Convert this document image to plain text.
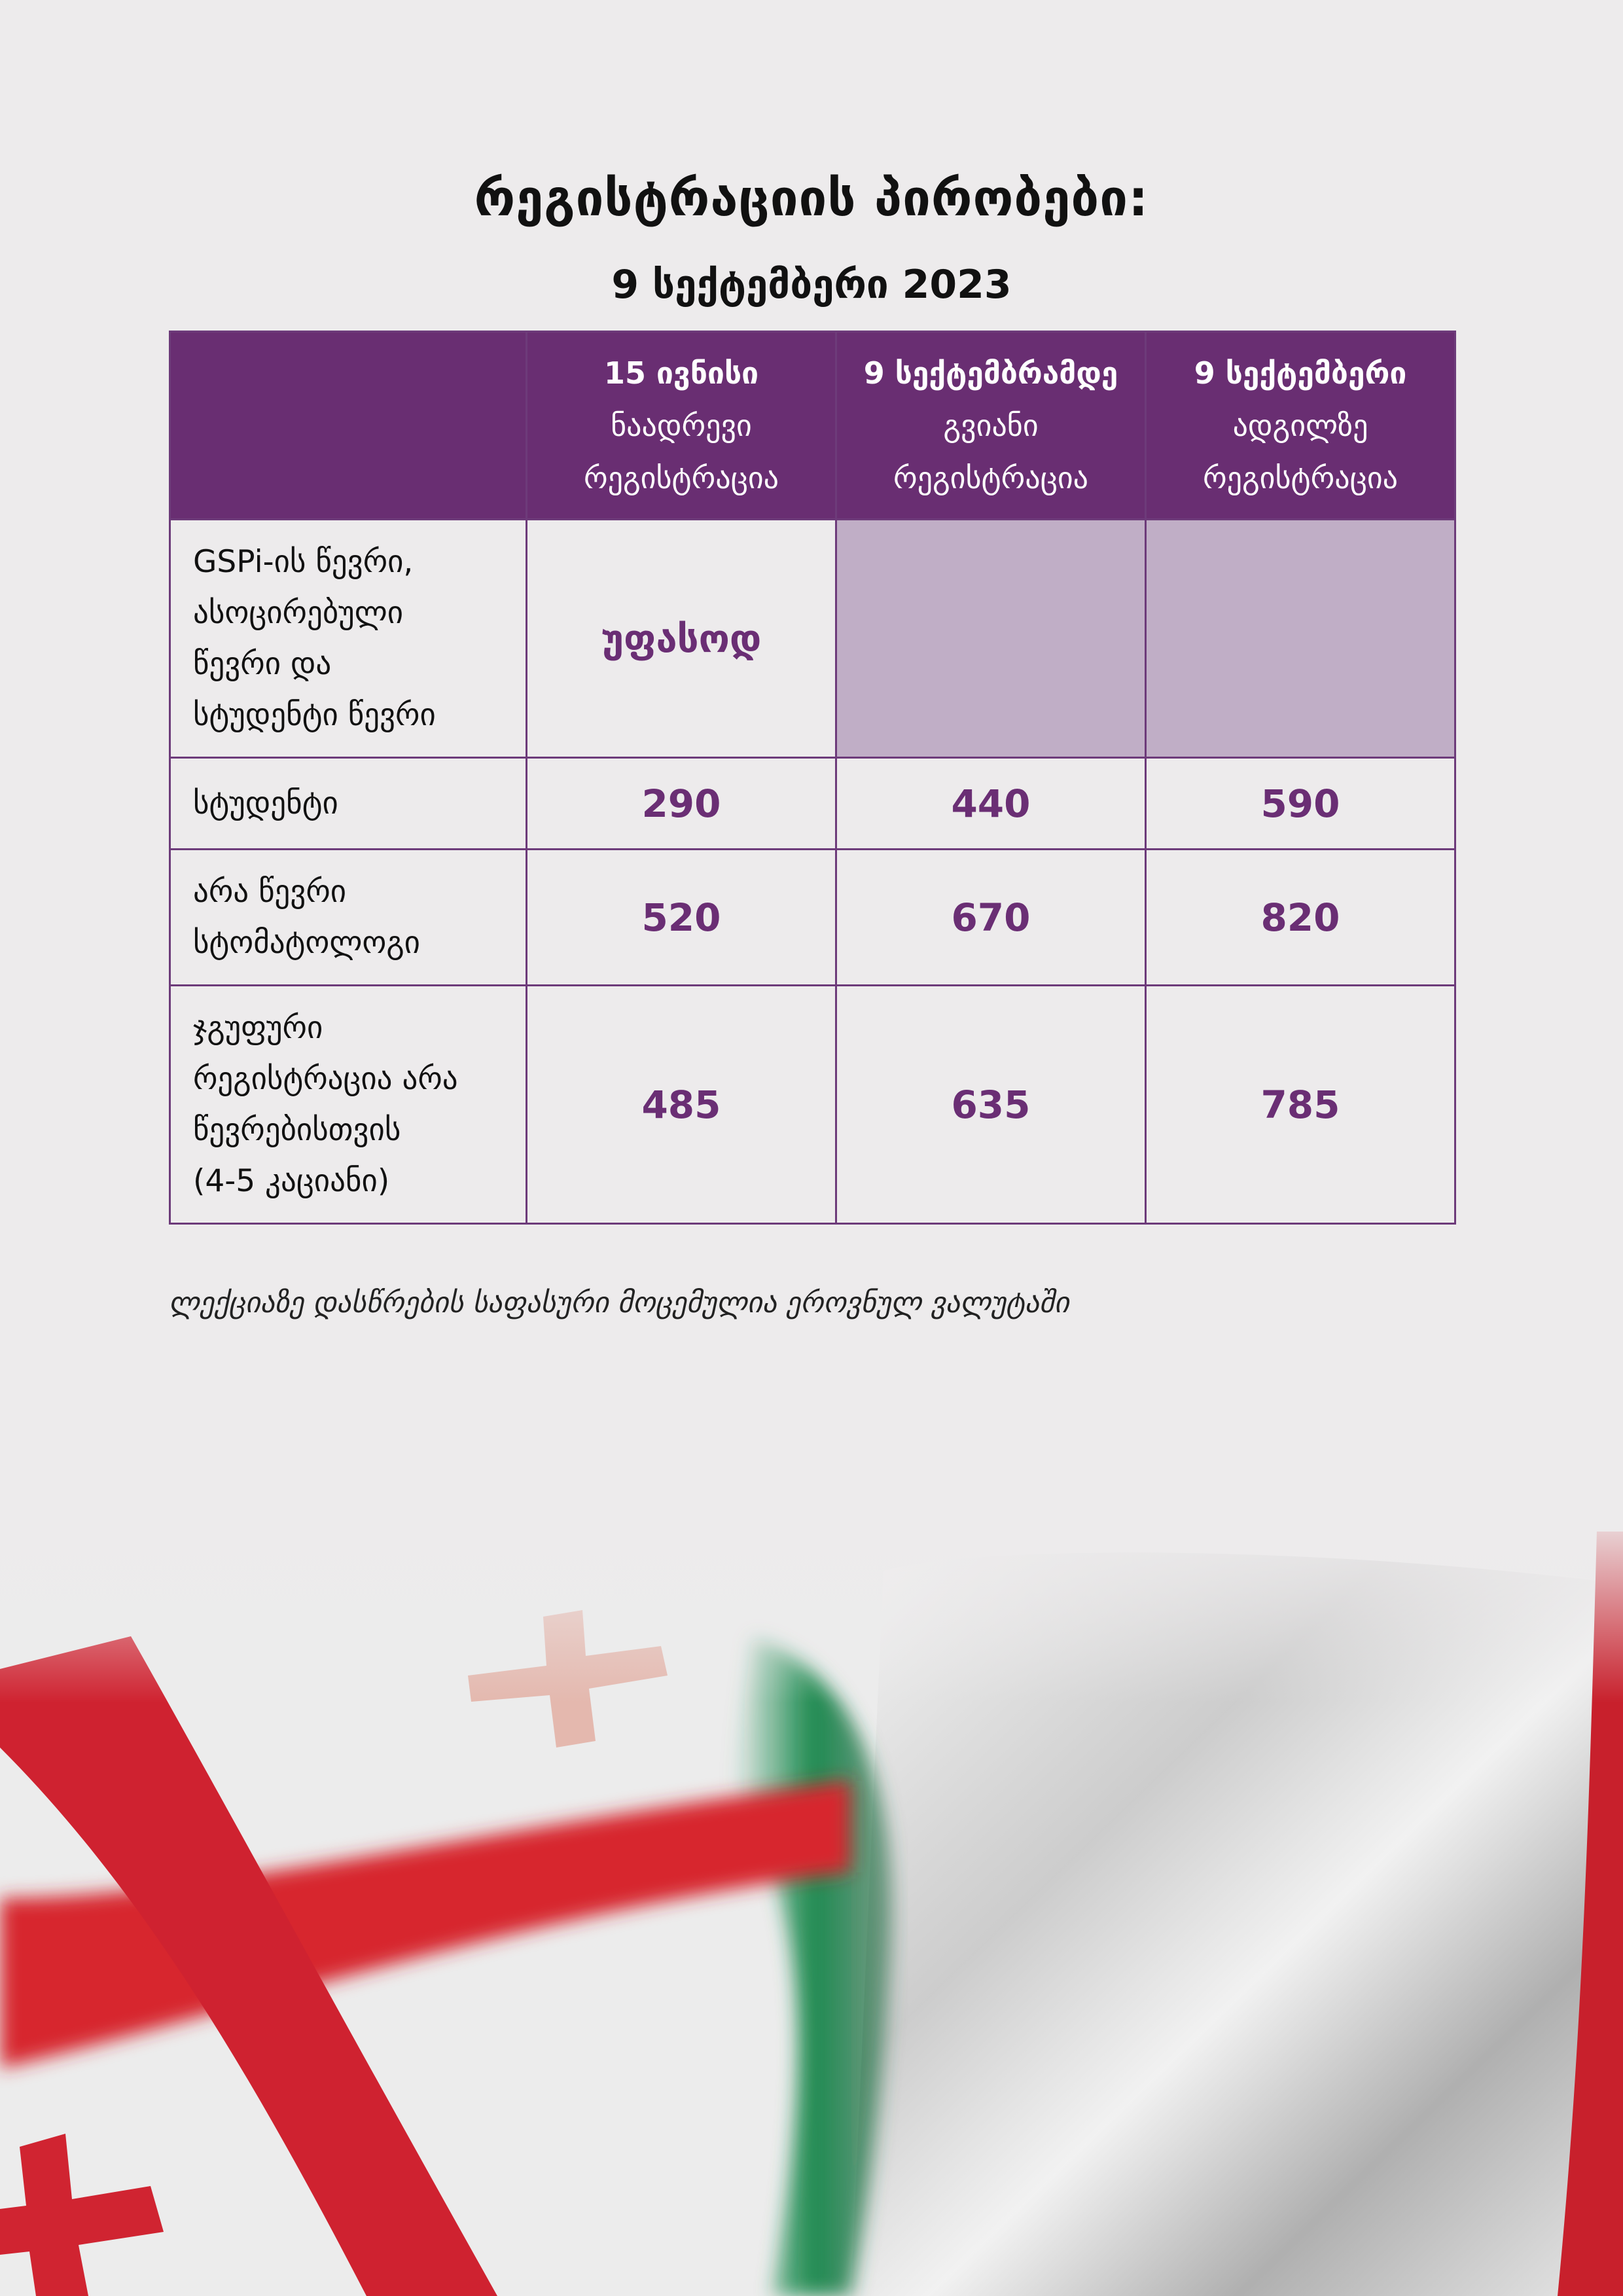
რეგისტრაციის პირობები:
9 სექტემბერი 2023

	15 ივნისი
ნაადრევი
რეგისტრაცია	9 სექტემბრამდე
გვიანი
რეგისტრაცია	9 სექტემბერი
ადგილზე
რეგისტრაცია

GSPi-ის წევრი,
ასოცირებული
წევრი და
სტუდენტი წევრი	უფასოდ		

სტუდენტი	290	440	590

არა წევრი
სტომატოლოგი	520	670	820

ჯგუფური
რეგისტრაცია არა
წევრებისთვის
(4-5 კაციანი)	485	635	785
ლექციაზე დასწრების საფასური მოცემულია ეროვნულ ვალუტაში
